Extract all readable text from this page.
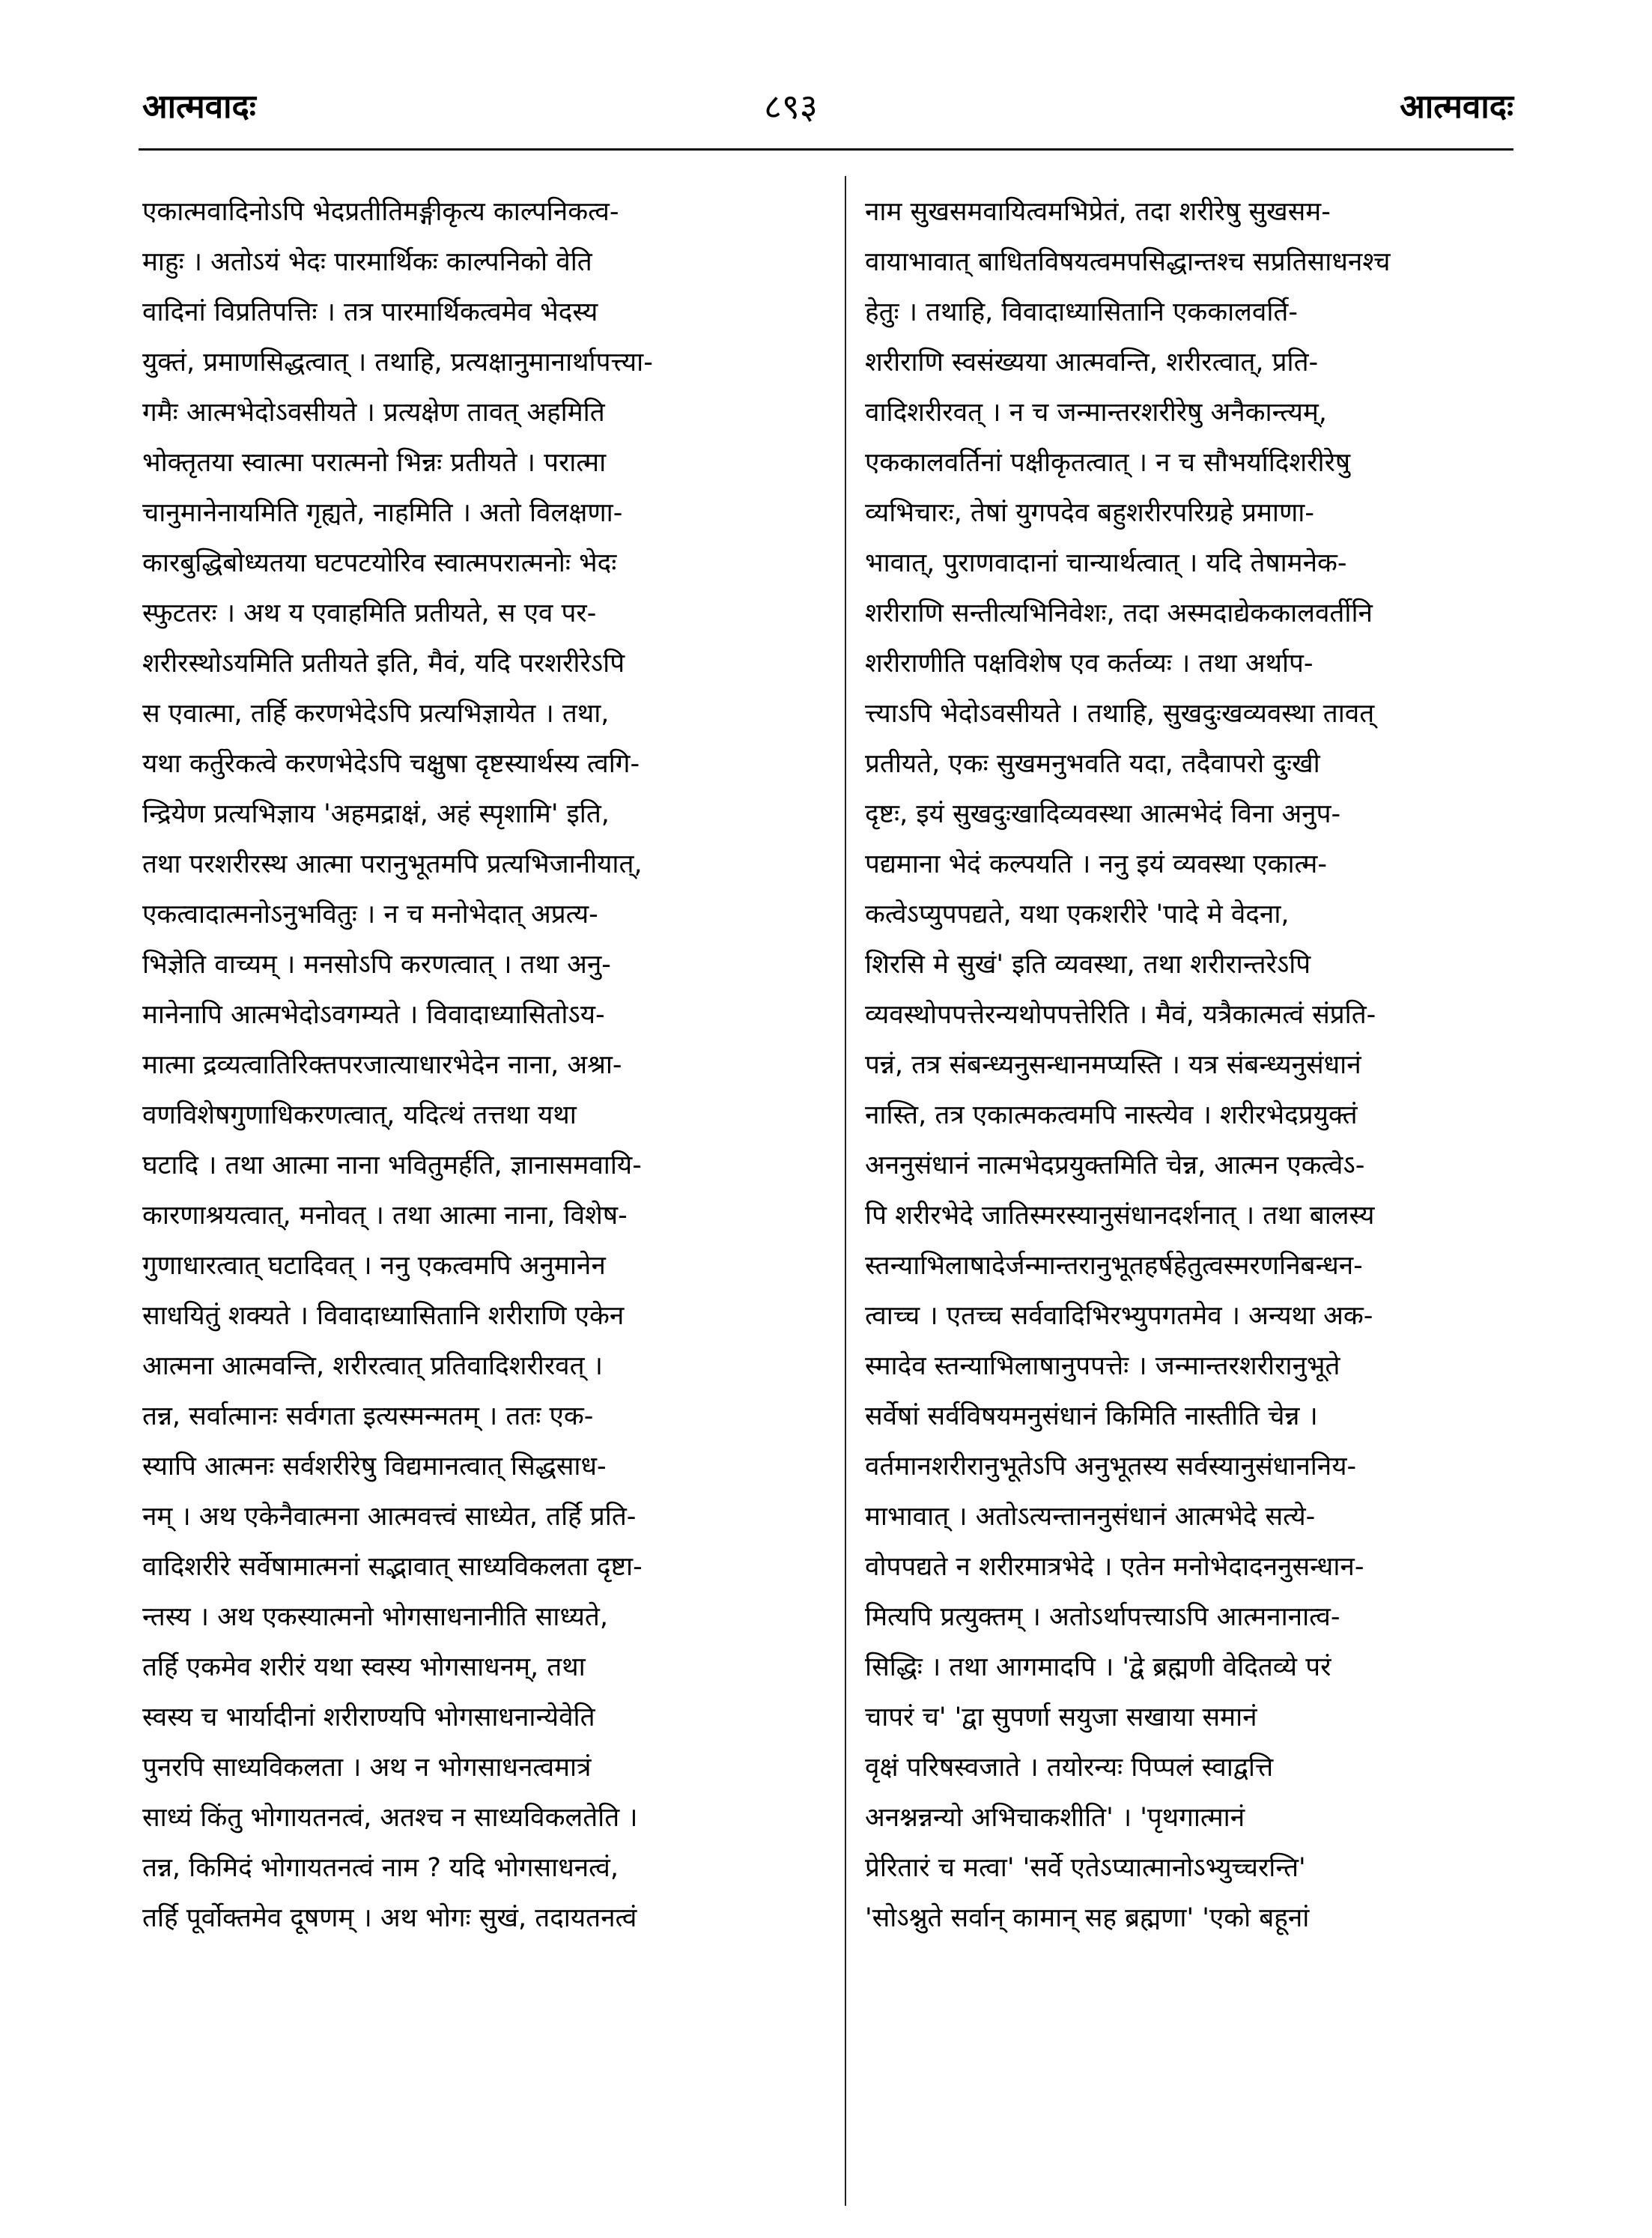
आत्मवादः	८९३	आत्मवादः
एकात्मवादिनोऽपि भेदप्रतीतिमङ्गीकृत्य काल्पनिकत्व-
माहुः । अतोऽयं भेदः पारमार्थिकः काल्पनिको वेति
वादिनां विप्रतिपत्तिः । तत्र पारमार्थिकत्वमेव भेदस्य
युक्तं, प्रमाणसिद्धत्वात् । तथाहि, प्रत्यक्षानुमानार्थापत्त्या-
गमैः आत्मभेदोऽवसीयते । प्रत्यक्षेण तावत् अहमिति
भोक्तृतया स्वात्मा परात्मनो भिन्नः प्रतीयते । परात्मा
चानुमानेनायमिति गृह्यते, नाहमिति । अतो विलक्षणा-
कारबुद्धिबोध्यतया घटपटयोरिव स्वात्मपरात्मनोः भेदः
स्फुटतरः । अथ य एवाहमिति प्रतीयते, स एव पर-
शरीरस्थोऽयमिति प्रतीयते इति, मैवं, यदि परशरीरेऽपि
स एवात्मा, तर्हि करणभेदेऽपि प्रत्यभिज्ञायेत । तथा,
यथा कर्तुरेकत्वे करणभेदेऽपि चक्षुषा दृष्टस्यार्थस्य त्वगि-
न्द्रियेण प्रत्यभिज्ञाय 'अहमद्राक्षं, अहं स्पृशामि' इति,
तथा परशरीरस्थ आत्मा परानुभूतमपि प्रत्यभिजानीयात्,
एकत्वादात्मनोऽनुभवितुः । न च मनोभेदात् अप्रत्य-
भिज्ञेति वाच्यम् । मनसोऽपि करणत्वात् । तथा अनु-
मानेनापि आत्मभेदोऽवगम्यते । विवादाध्यासितोऽय-
मात्मा द्रव्यत्वातिरिक्तपरजात्याधारभेदेन नाना, अश्रा-
वणविशेषगुणाधिकरणत्वात्, यदित्थं तत्तथा यथा
घटादि । तथा आत्मा नाना भवितुमर्हति, ज्ञानासमवायि-
कारणाश्रयत्वात्, मनोवत् । तथा आत्मा नाना, विशेष-
गुणाधारत्वात् घटादिवत् । ननु एकत्वमपि अनुमानेन
साधयितुं शक्यते । विवादाध्यासितानि शरीराणि एकेन
आत्मना आत्मवन्ति, शरीरत्वात् प्रतिवादिशरीरवत् ।
तन्न, सर्वात्मानः सर्वगता इत्यस्मन्मतम् । ततः एक-
स्यापि आत्मनः सर्वशरीरेषु विद्यमानत्वात् सिद्धसाध-
नम् । अथ एकेनैवात्मना आत्मवत्त्वं साध्येत, तर्हि प्रति-
वादिशरीरे सर्वेषामात्मनां सद्भावात् साध्यविकलता दृष्टा-
न्तस्य । अथ एकस्यात्मनो भोगसाधनानीति साध्यते,
तर्हि एकमेव शरीरं यथा स्वस्य भोगसाधनम्, तथा
स्वस्य च भार्यादीनां शरीराण्यपि भोगसाधनान्येवेति
पुनरपि साध्यविकलता । अथ न भोगसाधनत्वमात्रं
साध्यं किंतु भोगायतनत्वं, अतश्च न साध्यविकलतेति ।
तन्न, किमिदं भोगायतनत्वं नाम ? यदि भोगसाधनत्वं,
तर्हि पूर्वोक्तमेव दूषणम् । अथ भोगः सुखं, तदायतनत्वं
नाम सुखसमवायित्वमभिप्रेतं, तदा शरीरेषु सुखसम-
वायाभावात् बाधितविषयत्वमपसिद्धान्तश्च सप्रतिसाधनश्च
हेतुः । तथाहि, विवादाध्यासितानि एककालवर्ति-
शरीराणि स्वसंख्यया आत्मवन्ति, शरीरत्वात्, प्रति-
वादिशरीरवत् । न च जन्मान्तरशरीरेषु अनैकान्त्यम्,
एककालवर्तिनां पक्षीकृतत्वात् । न च सौभर्यादिशरीरेषु
व्यभिचारः, तेषां युगपदेव बहुशरीरपरिग्रहे प्रमाणा-
भावात्, पुराणवादानां चान्यार्थत्वात् । यदि तेषामनेक-
शरीराणि सन्तीत्यभिनिवेशः, तदा अस्मदाद्येककालवर्तीनि
शरीराणीति पक्षविशेष एव कर्तव्यः । तथा अर्थाप-
त्त्याऽपि भेदोऽवसीयते । तथाहि, सुखदुःखव्यवस्था तावत्
प्रतीयते, एकः सुखमनुभवति यदा, तदैवापरो दुःखी
दृष्टः, इयं सुखदुःखादिव्यवस्था आत्मभेदं विना अनुप-
पद्यमाना भेदं कल्पयति । ननु इयं व्यवस्था एकात्म-
कत्वेऽप्युपपद्यते, यथा एकशरीरे 'पादे मे वेदना,
शिरसि मे सुखं' इति व्यवस्था, तथा शरीरान्तरेऽपि
व्यवस्थोपपत्तेरन्यथोपपत्तेरिति । मैवं, यत्रैकात्मत्वं संप्रति-
पन्नं, तत्र संबन्ध्यनुसन्धानमप्यस्ति । यत्र संबन्ध्यनुसंधानं
नास्ति, तत्र एकात्मकत्वमपि नास्त्येव । शरीरभेदप्रयुक्तं
अननुसंधानं नात्मभेदप्रयुक्तमिति चेन्न, आत्मन एकत्वेऽ-
पि शरीरभेदे जातिस्मरस्यानुसंधानदर्शनात् । तथा बालस्य
स्तन्याभिलाषादेर्जन्मान्तरानुभूतहर्षहेतुत्वस्मरणनिबन्धन-
त्वाच्च । एतच्च सर्ववादिभिरभ्युपगतमेव । अन्यथा अक-
स्मादेव स्तन्याभिलाषानुपपत्तेः । जन्मान्तरशरीरानुभूते
सर्वेषां सर्वविषयमनुसंधानं किमिति नास्तीति चेन्न ।
वर्तमानशरीरानुभूतेऽपि अनुभूतस्य सर्वस्यानुसंधाननिय-
माभावात् । अतोऽत्यन्ताननुसंधानं आत्मभेदे सत्ये-
वोपपद्यते न शरीरमात्रभेदे । एतेन मनोभेदादननुसन्धान-
मित्यपि प्रत्युक्तम् । अतोऽर्थापत्त्याऽपि आत्मनानात्व-
सिद्धिः । तथा आगमादपि । 'द्वे ब्रह्मणी वेदितव्ये परं
चापरं च' 'द्वा सुपर्णा सयुजा सखाया समानं
वृक्षं परिषस्वजाते । तयोरन्यः पिप्पलं स्वाद्वत्ति
अनश्नन्नन्यो अभिचाकशीति' । 'पृथगात्मानं
प्रेरितारं च मत्वा' 'सर्वे एतेऽप्यात्मानोऽभ्युच्चरन्ति'
'सोऽश्नुते सर्वान् कामान् सह ब्रह्मणा' 'एको बहूनां
